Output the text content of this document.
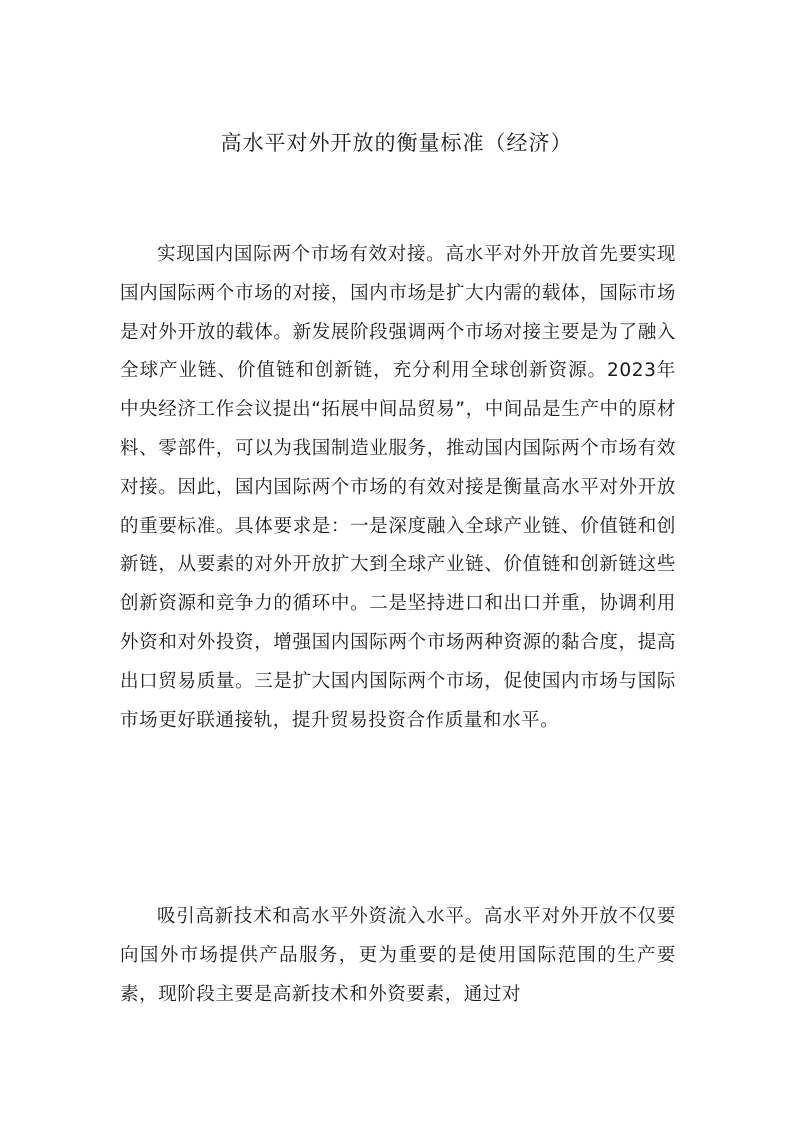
高水平对外开放的衡量标准（经济）

实现国内国际两个市场有效对接。高水平对外开放首先要实现国内国际两个市场的对接，国内市场是扩大内需的载体，国际市场是对外开放的载体。新发展阶段强调两个市场对接主要是为了融入全球产业链、价值链和创新链，充分利用全球创新资源。2023年中央经济工作会议提出“拓展中间品贸易”，中间品是生产中的原材料、零部件，可以为我国制造业服务，推动国内国际两个市场有效对接。因此，国内国际两个市场的有效对接是衡量高水平对外开放的重要标准。具体要求是：一是深度融入全球产业链、价值链和创新链，从要素的对外开放扩大到全球产业链、价值链和创新链这些创新资源和竞争力的循环中。二是坚持进口和出口并重，协调利用外资和对外投资，增强国内国际两个市场两种资源的黏合度，提高出口贸易质量。三是扩大国内国际两个市场，促使国内市场与国际市场更好联通接轨，提升贸易投资合作质量和水平。

吸引高新技术和高水平外资流入水平。高水平对外开放不仅要向国外市场提供产品服务，更为重要的是使用国际范围的生产要素，现阶段主要是高新技术和外资要素，通过对
